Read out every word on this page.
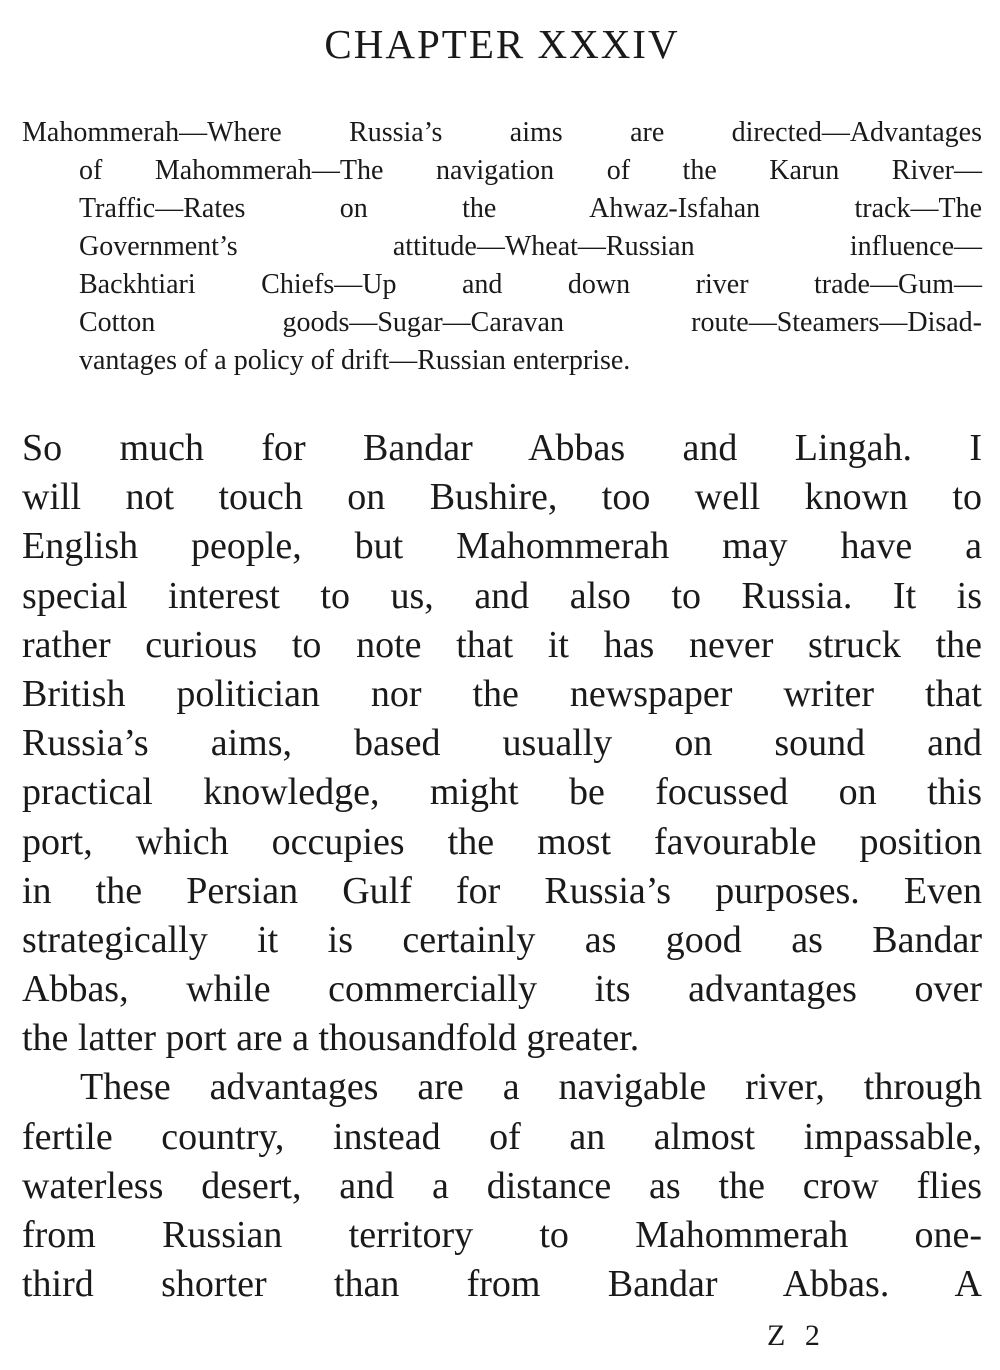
CHAPTER XXXIV
Mahommerah—Where Russia’s aims are directed—Advantages
of Mahommerah—The navigation of the Karun River—
Traffic—Rates on the Ahwaz-Isfahan track—The
Government’s attitude—Wheat—Russian influence—
Backhtiari Chiefs—Up and down river trade—Gum—
Cotton goods—Sugar—Caravan route—Steamers—Disad-
vantages of a policy of drift—Russian enterprise.
So much for Bandar Abbas and Lingah. I
will not touch on Bushire, too well known to
English people, but Mahommerah may have a
special interest to us, and also to Russia. It is
rather curious to note that it has never struck the
British politician nor the newspaper writer that
Russia’s aims, based usually on sound and
practical knowledge, might be focussed on this
port, which occupies the most favourable position
in the Persian Gulf for Russia’s purposes. Even
strategically it is certainly as good as Bandar
Abbas, while commercially its advantages over
the latter port are a thousandfold greater.
These advantages are a navigable river, through
fertile country, instead of an almost impassable,
waterless desert, and a distance as the crow flies
from Russian territory to Mahommerah one-
third shorter than from Bandar Abbas. A
Z 2
